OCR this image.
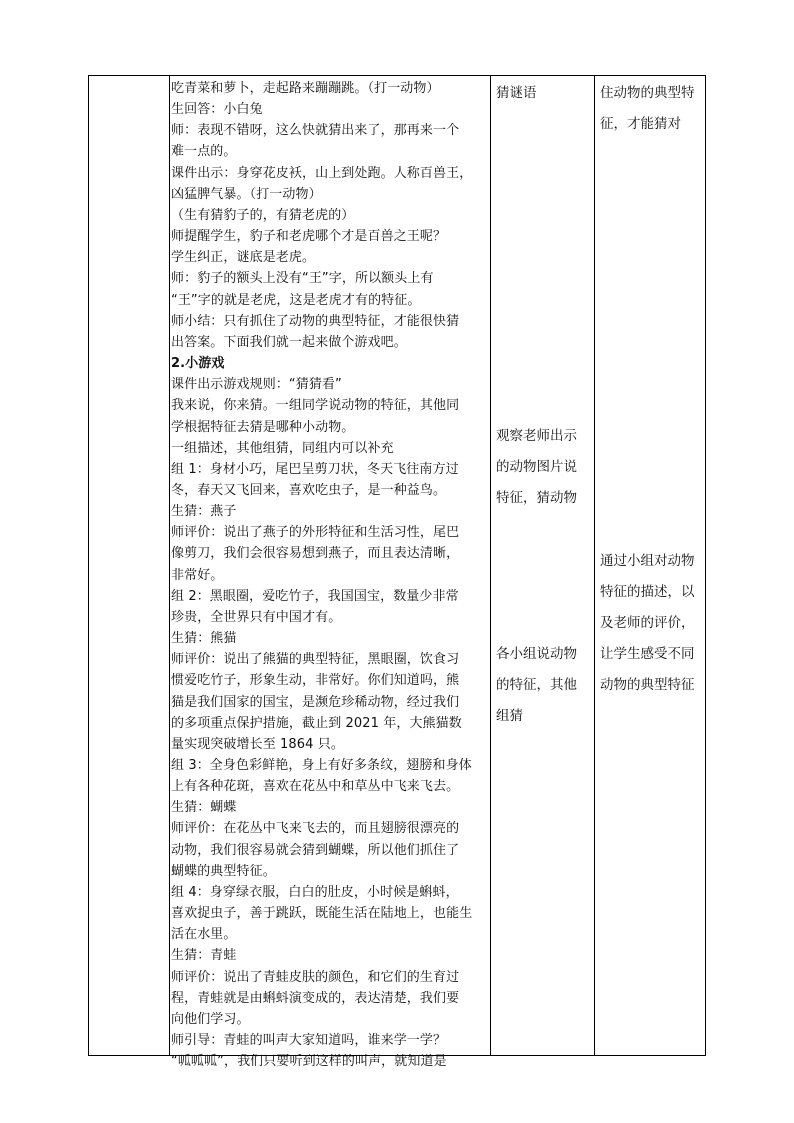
吃青菜和萝卜，走起路来蹦蹦跳。（打一动物）
生回答：小白兔
师：表现不错呀，这么快就猜出来了，那再来一个
难一点的。
课件出示：身穿花皮袄，山上到处跑。人称百兽王，
凶猛脾气暴。（打一动物）
（生有猜豹子的，有猜老虎的）
师提醒学生，豹子和老虎哪个才是百兽之王呢？
学生纠正，谜底是老虎。
师：豹子的额头上没有“王”字，所以额头上有
“王”字的就是老虎，这是老虎才有的特征。
师小结：只有抓住了动物的典型特征，才能很快猜
出答案。下面我们就一起来做个游戏吧。
2.小游戏
课件出示游戏规则：“猜猜看”
我来说，你来猜。一组同学说动物的特征，其他同
学根据特征去猜是哪种小动物。
一组描述，其他组猜，同组内可以补充
组 1：身材小巧，尾巴呈剪刀状，冬天飞往南方过
冬，春天又飞回来，喜欢吃虫子，是一种益鸟。
生猜：燕子
师评价：说出了燕子的外形特征和生活习性，尾巴
像剪刀，我们会很容易想到燕子，而且表达清晰，
非常好。
组 2：黑眼圈，爱吃竹子，我国国宝，数量少非常
珍贵，全世界只有中国才有。
生猜：熊猫
师评价：说出了熊猫的典型特征，黑眼圈，饮食习
惯爱吃竹子，形象生动，非常好。你们知道吗，熊
猫是我们国家的国宝，是濒危珍稀动物，经过我们
的多项重点保护措施，截止到 2021 年，大熊猫数
量实现突破增长至 1864 只。
组 3：全身色彩鲜艳，身上有好多条纹，翅膀和身体
上有各种花斑，喜欢在花丛中和草丛中飞来飞去。
生猜：蝴蝶
师评价：在花丛中飞来飞去的，而且翅膀很漂亮的
动物，我们很容易就会猜到蝴蝶，所以他们抓住了
蝴蝶的典型特征。
组 4：身穿绿衣服，白白的肚皮，小时候是蝌蚪，
喜欢捉虫子，善于跳跃，既能生活在陆地上，也能生
活在水里。
生猜：青蛙
师评价：说出了青蛙皮肤的颜色，和它们的生育过
程，青蛙就是由蝌蚪演变成的，表达清楚，我们要
向他们学习。
师引导：青蛙的叫声大家知道吗，谁来学一学？
“呱呱呱”，我们只要听到这样的叫声，就知道是
猜谜语
观察老师出示
的动物图片说
特征，猜动物
各小组说动物
的特征，其他
组猜
住动物的典型特
征，才能猜对
通过小组对动物
特征的描述，以
及老师的评价，
让学生感受不同
动物的典型特征
